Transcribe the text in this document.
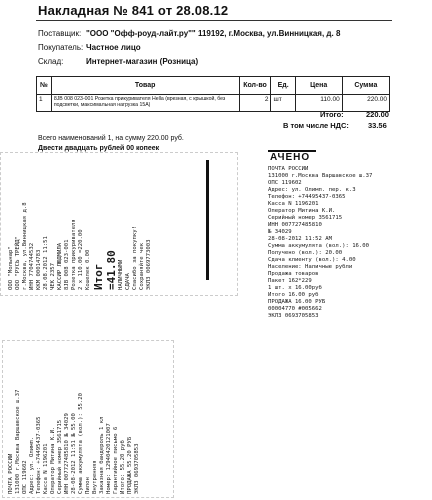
Накладная № 841 от 28.08.12
Поставщик: "ООО "Офф-роуд-лайт.ру"" 119192, г.Москва, ул.Винницкая, д. 8
Покупатель: Частное лицо
Склад:	Интернет-магазин (Розница)
№	Товар	Кол-во	Ед.	Цена	Сумма
1	8JB 008 023-001 Розетка прикуривателя Hella (врезная, с крышкой, без подсветки, максимальная нагрузка 15А)	2	шт	110.00	220.00
Итого:	220.00
В том числе НДС:	33.56
Всего наименований 1, на сумму 220.00 руб.
Двести двадцать рублей 00 копеек
ООО "Мольнар" ООО "РУСЬ ТРЕЙД" г.Москва, ул.Винницкая д.8 ИНН 7704744532 ККМ 00014783 28.08.2012 11:51 ЧЕК 2357 КАССИР ЛЮДМИЛА 8JB 008 023-001 Розетка прикуривателя 2 x 110.00 =220.00 Кошелек 0.00 Итог =41.80 НАЛИЧНЫМИ СДАЧА Спасибо за покупку! Сохраняйте чек ЭКЛЗ 0069773003
АЧЕНО
ПОЧТА РОССИИ
131000 г.Москва Варшавское ш.37
ОПС 119602
Адрес: ул. Олимп. пер. к.3
Телефон: +74495437-0365
Касса N 1196201
Оператор Митина К.И.
Серийный номер 3561715
ИНН 007727485810
№ 34029
28-08-2012 11:52 АМ
Сумма аккумулята (вол.): 16.00
Получено (вол.): 20.00
Сдача клиенту (вол.): 4.00
Население: Наличные рубли
Продажа товаров
Пакет 162*229
1 шт. x 16.00руб
Итого 16.00 руб
ПРОДАЖА 16.00 РУБ
00004770 #005662
ЭКЛЗ 0693705853
ПОЧТА РОССИИ 131000 г.Москва Варшавское ш.37 ОПС 119602 Адрес: ул. Олимп. Телефон: +74495437-0365 Касса N 1196201 Оператор Митина К.И. Серийный номер 3561715 ИНН 007727485810 № 34029 28-08-2012 11:51 № 55.00 Сумма аккумулята (вол.): 55.20 Пилон Внутренняя Заказная бандероль 1 кл Номер: 12940420121007 Гарантийное письмо 6 Итого: 55.20 руб ПРОДАЖА 55.20 РУБ ЭКЛЗ 0693705853
